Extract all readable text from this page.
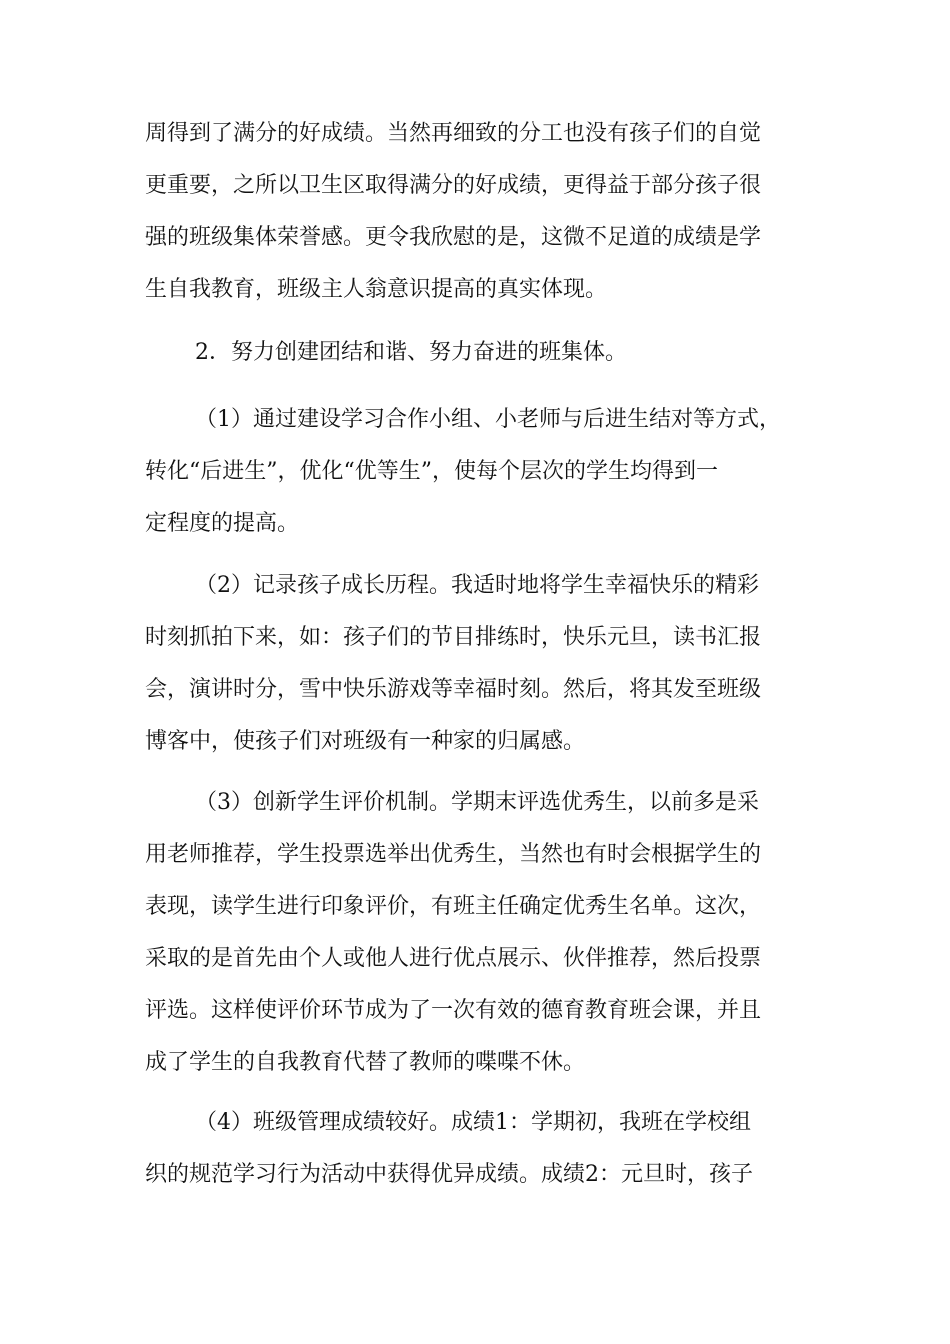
周得到了满分的好成绩。当然再细致的分工也没有孩子们的自觉
更重要，之所以卫生区取得满分的好成绩，更得益于部分孩子很
强的班级集体荣誉感。更令我欣慰的是，这微不足道的成绩是学
生自我教育，班级主人翁意识提高的真实体现。
2．努力创建团结和谐、努力奋进的班集体。
（1）通过建设学习合作小组、小老师与后进生结对等方式，
转化“后进生”，优化“优等生”，使每个层次的学生均得到一
定程度的提高。
（2）记录孩子成长历程。我适时地将学生幸福快乐的精彩
时刻抓拍下来，如：孩子们的节目排练时，快乐元旦，读书汇报
会，演讲时分，雪中快乐游戏等幸福时刻。然后，将其发至班级
博客中，使孩子们对班级有一种家的归属感。
（3）创新学生评价机制。学期末评选优秀生，以前多是采
用老师推荐，学生投票选举出优秀生，当然也有时会根据学生的
表现，读学生进行印象评价，有班主任确定优秀生名单。这次，
采取的是首先由个人或他人进行优点展示、伙伴推荐，然后投票
评选。这样使评价环节成为了一次有效的德育教育班会课，并且
成了学生的自我教育代替了教师的喋喋不休。
（4）班级管理成绩较好。成绩1：学期初，我班在学校组
织的规范学习行为活动中获得优异成绩。成绩2：元旦时，孩子
